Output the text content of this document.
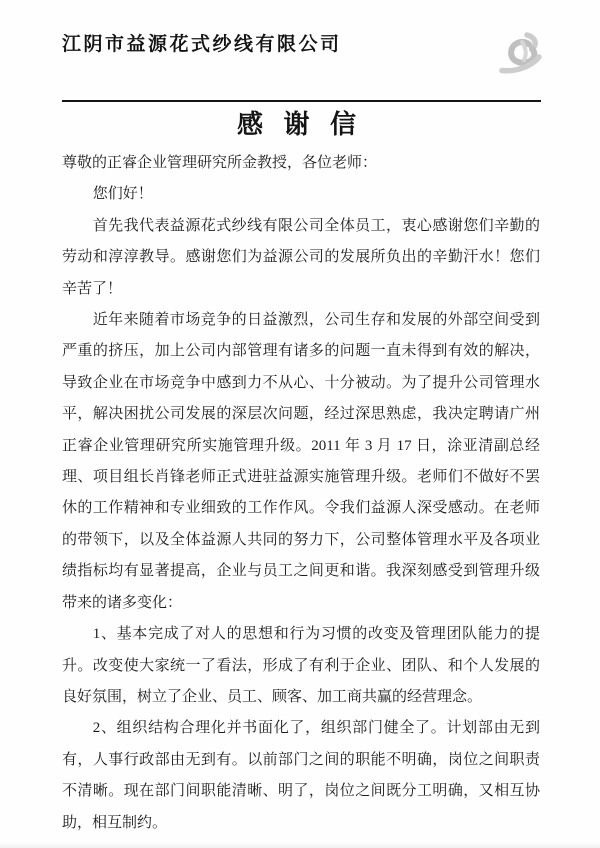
江阴市益源花式纱线有限公司
感 谢 信

尊敬的正睿企业管理研究所金教授，各位老师：

您们好！

首先我代表益源花式纱线有限公司全体员工，衷心感谢您们辛勤的劳动和淳淳教导。感谢您们为益源公司的发展所负出的辛勤汗水！您们辛苦了！

近年来随着市场竞争的日益激烈，公司生存和发展的外部空间受到严重的挤压，加上公司内部管理有诸多的问题一直未得到有效的解决，导致企业在市场竞争中感到力不从心、十分被动。为了提升公司管理水平，解决困扰公司发展的深层次问题，经过深思熟虑，我决定聘请广州正睿企业管理研究所实施管理升级。2011 年 3 月 17 日，涂亚清副总经理、项目组长肖锋老师正式进驻益源实施管理升级。老师们不做好不罢休的工作精神和专业细致的工作作风。令我们益源人深受感动。在老师的带领下，以及全体益源人共同的努力下，公司整体管理水平及各项业绩指标均有显著提高，企业与员工之间更和谐。我深刻感受到管理升级带来的诸多变化：

1、基本完成了对人的思想和行为习惯的改变及管理团队能力的提升。改变使大家统一了看法，形成了有利于企业、团队、和个人发展的良好氛围，树立了企业、员工、顾客、加工商共赢的经营理念。

2、组织结构合理化并书面化了，组织部门健全了。计划部由无到有，人事行政部由无到有。以前部门之间的职能不明确，岗位之间职责不清晰。现在部门间职能清晰、明了，岗位之间既分工明确，又相互协助，相互制约。
